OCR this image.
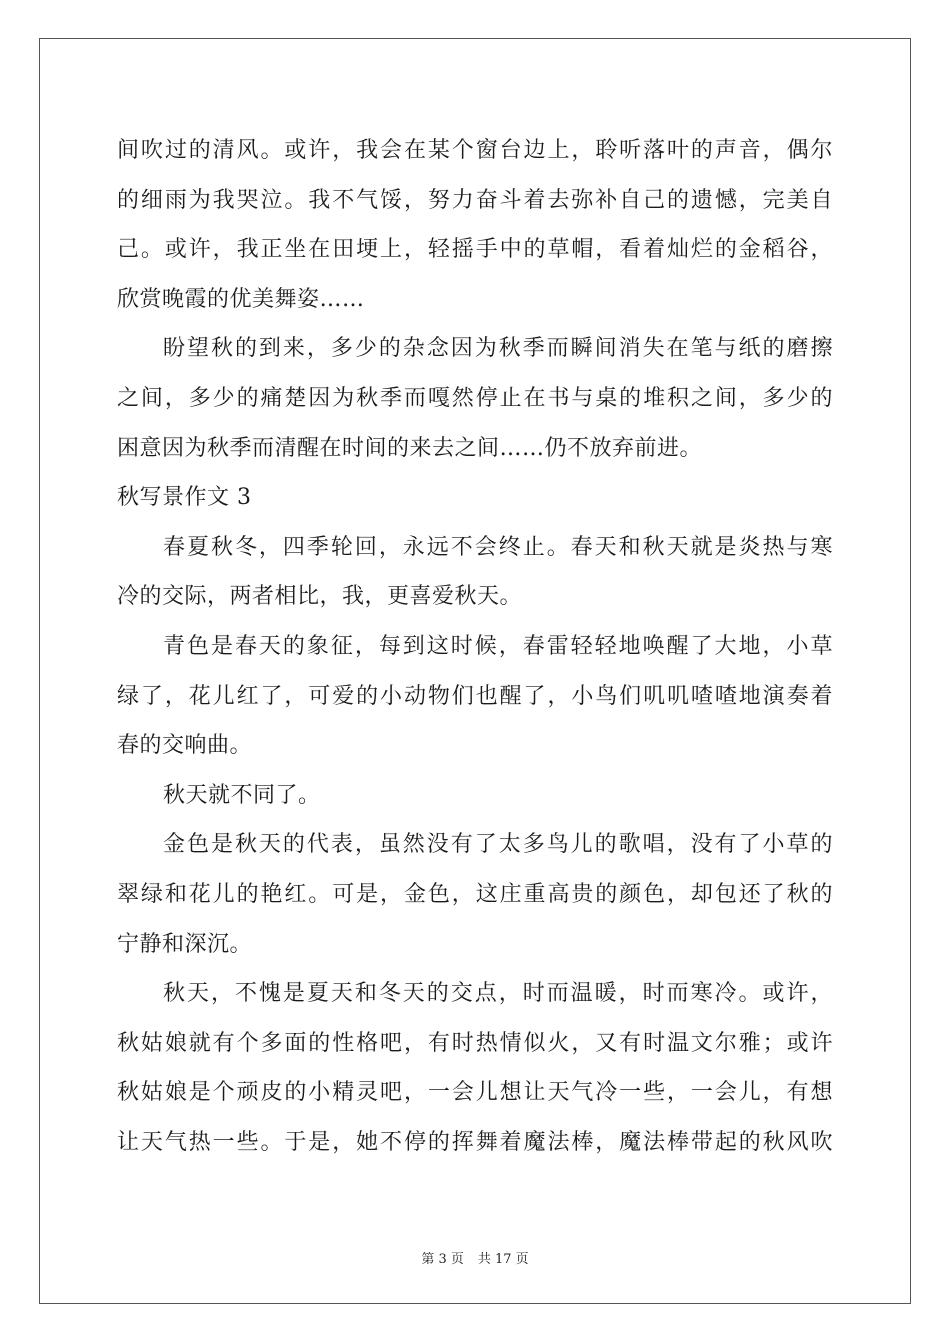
间吹过的清风。或许，我会在某个窗台边上，聆听落叶的声音，偶尔
的细雨为我哭泣。我不气馁，努力奋斗着去弥补自己的遗憾，完美自
己。或许，我正坐在田埂上，轻摇手中的草帽，看着灿烂的金稻谷，
欣赏晚霞的优美舞姿……
盼望秋的到来，多少的杂念因为秋季而瞬间消失在笔与纸的磨擦
之间，多少的痛楚因为秋季而嘎然停止在书与桌的堆积之间，多少的
困意因为秋季而清醒在时间的来去之间……仍不放弃前进。
秋写景作文 3
春夏秋冬，四季轮回，永远不会终止。春天和秋天就是炎热与寒
冷的交际，两者相比，我，更喜爱秋天。
青色是春天的象征，每到这时候，春雷轻轻地唤醒了大地，小草
绿了，花儿红了，可爱的小动物们也醒了，小鸟们叽叽喳喳地演奏着
春的交响曲。
秋天就不同了。
金色是秋天的代表，虽然没有了太多鸟儿的歌唱，没有了小草的
翠绿和花儿的艳红。可是，金色，这庄重高贵的颜色，却包还了秋的
宁静和深沉。
秋天，不愧是夏天和冬天的交点，时而温暖，时而寒冷。或许，
秋姑娘就有个多面的性格吧，有时热情似火，又有时温文尔雅；或许
秋姑娘是个顽皮的小精灵吧，一会儿想让天气冷一些，一会儿，有想
让天气热一些。于是，她不停的挥舞着魔法棒，魔法棒带起的秋风吹
第 3 页 共 17 页
